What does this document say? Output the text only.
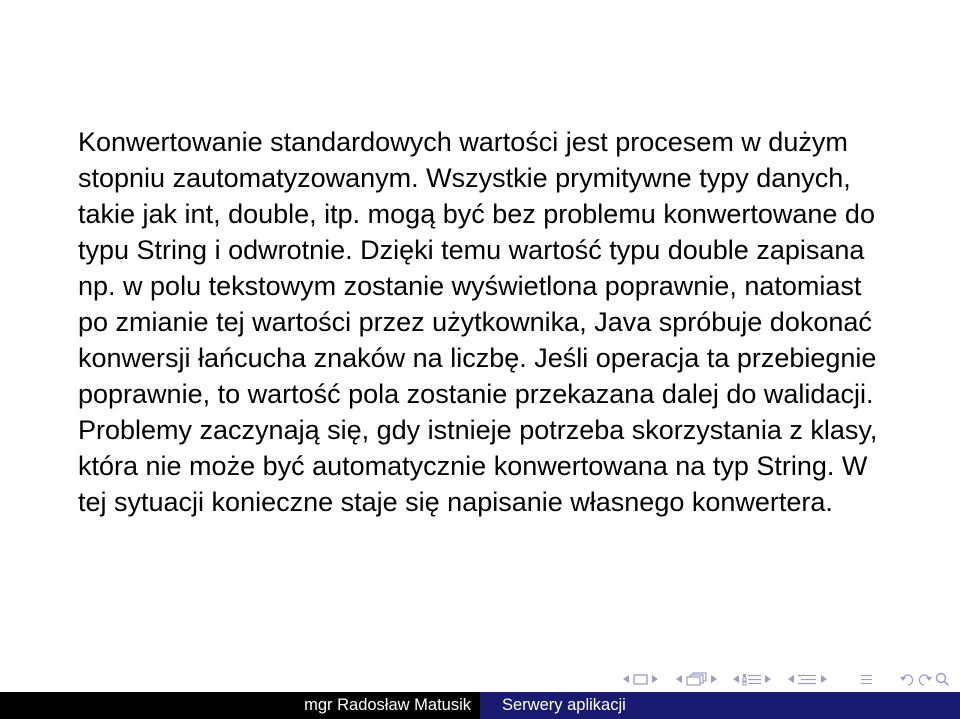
Konwertowanie standardowych wartości jest procesem w dużym
stopniu zautomatyzowanym. Wszystkie prymitywne typy danych,
takie jak int, double, itp. mogą być bez problemu konwertowane do
typu String i odwrotnie. Dzięki temu wartość typu double zapisana
np. w polu tekstowym zostanie wyświetlona poprawnie, natomiast
po zmianie tej wartości przez użytkownika, Java spróbuje dokonać
konwersji łańcucha znaków na liczbę. Jeśli operacja ta przebiegnie
poprawnie, to wartość pola zostanie przekazana dalej do walidacji.
Problemy zaczynają się, gdy istnieje potrzeba skorzystania z klasy,
która nie może być automatycznie konwertowana na typ String. W
tej sytuacji konieczne staje się napisanie własnego konwertera.
mgr Radosław Matusik	Serwery aplikacji
